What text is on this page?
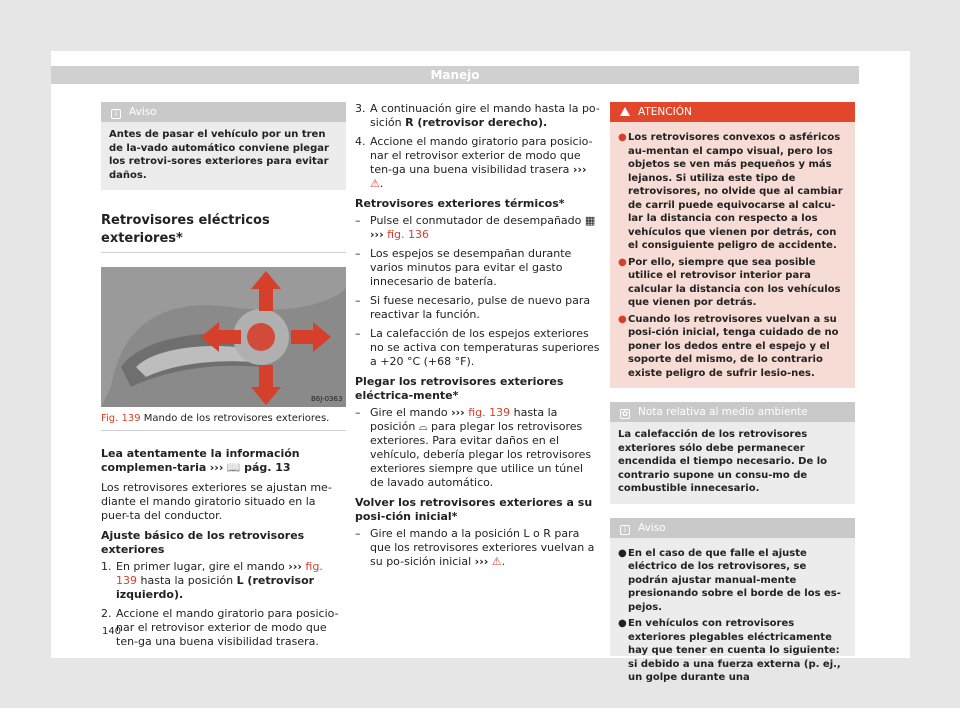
Manejo
i Aviso
Antes de pasar el vehículo por un tren de la-vado automático conviene plegar los retrovi-sores exteriores para evitar daños.
Retrovisores eléctricos exteriores*
B6J-0363
Fig. 139 Mando de los retrovisores exteriores.

Lea atentamente la información complemen-taria ››› 📖 pág. 13

Los retrovisores exteriores se ajustan me-diante el mando giratorio situado en la puer-ta del conductor.

Ajuste básico de los retrovisores exteriores
1. En primer lugar, gire el mando ››› fig. 139 hasta la posición L (retrovisor izquierdo).
2. Accione el mando giratorio para posicio-nar el retrovisor exterior de modo que ten-ga una buena visibilidad trasera.
3. A continuación gire el mando hasta la po-sición R (retrovisor derecho).
4. Accione el mando giratorio para posicio-nar el retrovisor exterior de modo que ten-ga una buena visibilidad trasera ››› ⚠.
Retrovisores exteriores térmicos*
– Pulse el conmutador de desempañado ▦ ››› fig. 136
– Los espejos se desempañan durante varios minutos para evitar el gasto innecesario de batería.
– Si fuese necesario, pulse de nuevo para reactivar la función.
– La calefacción de los espejos exteriores no se activa con temperaturas superiores a +20 °C (+68 °F).
Plegar los retrovisores exteriores eléctrica-mente*
– Gire el mando ››› fig. 139 hasta la posición ⌓ para plegar los retrovisores exteriores. Para evitar daños en el vehículo, debería plegar los retrovisores exteriores siempre que utilice un túnel de lavado automático.
Volver los retrovisores exteriores a su posi-ción inicial*
– Gire el mando a la posición L o R para que los retrovisores exteriores vuelvan a su po-sición inicial ››› ⚠.
ATENCIÓN
● Los retrovisores convexos o asféricos au-mentan el campo visual, pero los objetos se ven más pequeños y más lejanos. Si utiliza este tipo de retrovisores, no olvide que al cambiar de carril puede equivocarse al calcu-lar la distancia con respecto a los vehículos que vienen por detrás, con el consiguiente peligro de accidente.
● Por ello, siempre que sea posible utilice el retrovisor interior para calcular la distancia con los vehículos que vienen por detrás.
● Cuando los retrovisores vuelvan a su posi-ción inicial, tenga cuidado de no poner los dedos entre el espejo y el soporte del mismo, de lo contrario existe peligro de sufrir lesio-nes.
✿ Nota relativa al medio ambiente
La calefacción de los retrovisores exteriores sólo debe permanecer encendida el tiempo necesario. De lo contrario supone un consu-mo de combustible innecesario.
i Aviso
● En el caso de que falle el ajuste eléctrico de los retrovisores, se podrán ajustar manual-mente presionando sobre el borde de los es-pejos.
● En vehículos con retrovisores exteriores plegables eléctricamente hay que tener en cuenta lo siguiente: si debido a una fuerza externa (p. ej., un golpe durante una
140
